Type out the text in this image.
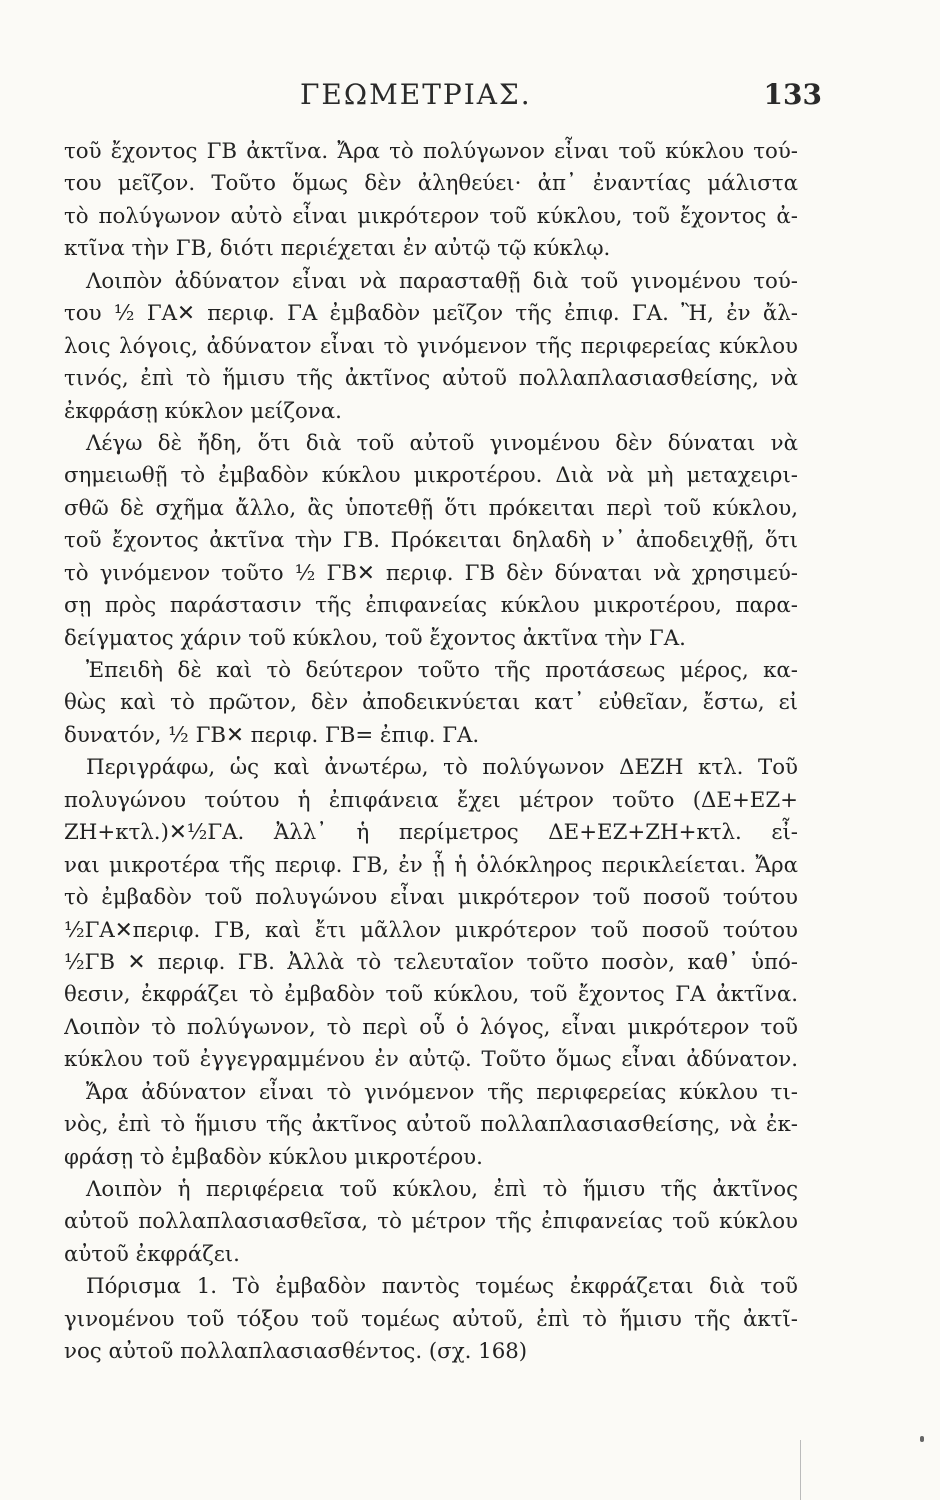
ΓΕΩΜΕΤΡΙΑΣ.	133
τοῦ ἔχοντος ΓΒ ἀκτῖνα. Ἄρα τὸ πολύγωνον εἶναι τοῦ κύκλου τού-
του μεῖζον. Τοῦτο ὅμως δὲν ἀληθεύει· ἀπ᾿ ἐναντίας μάλιστα
τὸ πολύγωνον αὐτὸ εἶναι μικρότερον τοῦ κύκλου, τοῦ ἔχοντος ἀ-
κτῖνα τὴν ΓΒ, διότι περιέχεται ἐν αὐτῷ τῷ κύκλῳ.
Λοιπὸν ἀδύνατον εἶναι νὰ παρασταθῇ διὰ τοῦ γινομένου τού-
του ½ ΓΑ✕ περιφ. ΓΑ ἐμβαδὸν μεῖζον τῆς ἐπιφ. ΓΑ. Ἢ, ἐν ἄλ-
λοις λόγοις, ἀδύνατον εἶναι τὸ γινόμενον τῆς περιφερείας κύκλου
τινός, ἐπὶ τὸ ἥμισυ τῆς ἀκτῖνος αὐτοῦ πολλαπλασιασθείσης, νὰ
ἐκφράσῃ κύκλον μείζονα.
Λέγω δὲ ἤδη, ὅτι διὰ τοῦ αὐτοῦ γινομένου δὲν δύναται νὰ
σημειωθῇ τὸ ἐμβαδὸν κύκλου μικροτέρου. Διὰ νὰ μὴ μεταχειρι-
σθῶ δὲ σχῆμα ἄλλο, ἂς ὑποτεθῇ ὅτι πρόκειται περὶ τοῦ κύκλου,
τοῦ ἔχοντος ἀκτῖνα τὴν ΓΒ. Πρόκειται δηλαδὴ ν᾿ ἀποδειχθῇ, ὅτι
τὸ γινόμενον τοῦτο ½ ΓΒ✕ περιφ. ΓΒ δὲν δύναται νὰ χρησιμεύ-
σῃ πρὸς παράστασιν τῆς ἐπιφανείας κύκλου μικροτέρου, παρα-
δείγματος χάριν τοῦ κύκλου, τοῦ ἔχοντος ἀκτῖνα τὴν ΓΑ.
Ἐπειδὴ δὲ καὶ τὸ δεύτερον τοῦτο τῆς προτάσεως μέρος, κα-
θὼς καὶ τὸ πρῶτον, δὲν ἀποδεικνύεται κατ᾿ εὐθεῖαν, ἔστω, εἰ
δυνατόν, ½ ΓΒ✕ περιφ. ΓΒ= ἐπιφ. ΓΑ.
Περιγράφω, ὡς καὶ ἀνωτέρω, τὸ πολύγωνον ΔΕΖΗ κτλ. Τοῦ
πολυγώνου τούτου ἡ ἐπιφάνεια ἔχει μέτρον τοῦτο (ΔΕ+ΕΖ+
ΖΗ+κτλ.)✕½ΓΑ. Ἀλλ᾿ ἡ περίμετρος ΔΕ+ΕΖ+ΖΗ+κτλ. εἶ-
ναι μικροτέρα τῆς περιφ. ΓΒ, ἐν ᾗ ἡ ὁλόκληρος περικλείεται. Ἄρα
τὸ ἐμβαδὸν τοῦ πολυγώνου εἶναι μικρότερον τοῦ ποσοῦ τούτου
½ΓΑ✕περιφ. ΓΒ, καὶ ἔτι μᾶλλον μικρότερον τοῦ ποσοῦ τούτου
½ΓΒ ✕ περιφ. ΓΒ. Ἀλλὰ τὸ τελευταῖον τοῦτο ποσὸν, καθ᾿ ὑπό-
θεσιν, ἐκφράζει τὸ ἐμβαδὸν τοῦ κύκλου, τοῦ ἔχοντος ΓΑ ἀκτῖνα.
Λοιπὸν τὸ πολύγωνον, τὸ περὶ οὗ ὁ λόγος, εἶναι μικρότερον τοῦ
κύκλου τοῦ ἐγγεγραμμένου ἐν αὐτῷ. Τοῦτο ὅμως εἶναι ἀδύνατον.
Ἄρα ἀδύνατον εἶναι τὸ γινόμενον τῆς περιφερείας κύκλου τι-
νὸς, ἐπὶ τὸ ἥμισυ τῆς ἀκτῖνος αὐτοῦ πολλαπλασιασθείσης, νὰ ἐκ-
φράσῃ τὸ ἐμβαδὸν κύκλου μικροτέρου.
Λοιπὸν ἡ περιφέρεια τοῦ κύκλου, ἐπὶ τὸ ἥμισυ τῆς ἀκτῖνος
αὐτοῦ πολλαπλασιασθεῖσα, τὸ μέτρον τῆς ἐπιφανείας τοῦ κύκλου
αὐτοῦ ἐκφράζει.
Πόρισμα 1. Τὸ ἐμβαδὸν παντὸς τομέως ἐκφράζεται διὰ τοῦ
γινομένου τοῦ τόξου τοῦ τομέως αὐτοῦ, ἐπὶ τὸ ἥμισυ τῆς ἀκτῖ-
νος αὐτοῦ πολλαπλασιασθέντος. (σχ. 168)
